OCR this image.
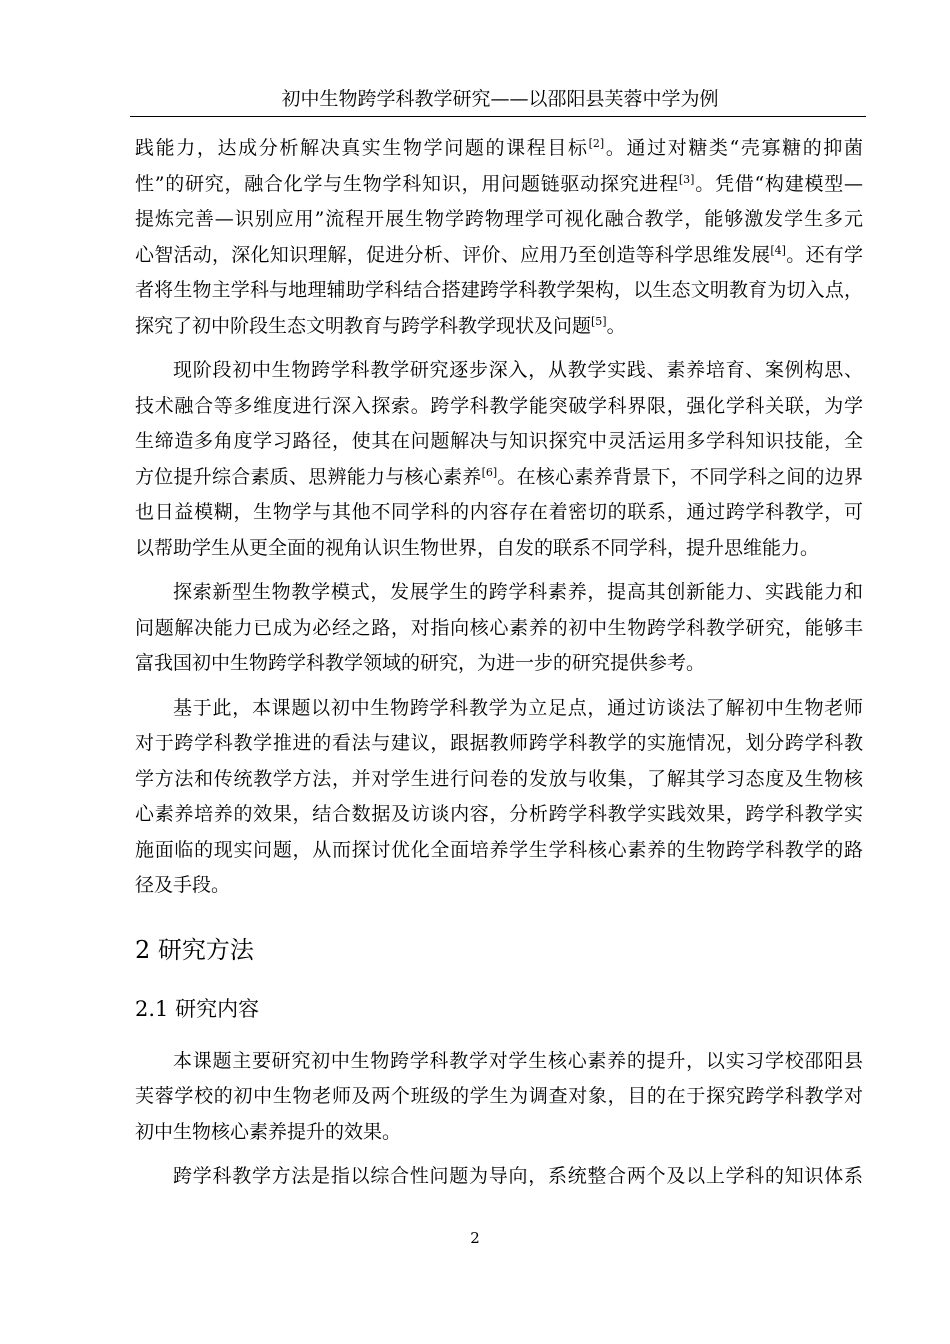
初中生物跨学科教学研究——以邵阳县芙蓉中学为例

践能力，达成分析解决真实生物学问题的课程目标[2]。通过对糖类“壳寡糖的抑菌
性”的研究，融合化学与生物学科知识，用问题链驱动探究进程[3]。凭借“构建模型—
提炼完善—识别应用”流程开展生物学跨物理学可视化融合教学，能够激发学生多元
心智活动，深化知识理解，促进分析、评价、应用乃至创造等科学思维发展[4]。还有学
者将生物主学科与地理辅助学科结合搭建跨学科教学架构，以生态文明教育为切入点，
探究了初中阶段生态文明教育与跨学科教学现状及问题[5]。

现阶段初中生物跨学科教学研究逐步深入，从教学实践、素养培育、案例构思、
技术融合等多维度进行深入探索。跨学科教学能突破学科界限，强化学科关联，为学
生缔造多角度学习路径，使其在问题解决与知识探究中灵活运用多学科知识技能，全
方位提升综合素质、思辨能力与核心素养[6]。在核心素养背景下，不同学科之间的边界
也日益模糊，生物学与其他不同学科的内容存在着密切的联系，通过跨学科教学，可
以帮助学生从更全面的视角认识生物世界，自发的联系不同学科，提升思维能力。

探索新型生物教学模式，发展学生的跨学科素养，提高其创新能力、实践能力和
问题解决能力已成为必经之路，对指向核心素养的初中生物跨学科教学研究，能够丰
富我国初中生物跨学科教学领域的研究，为进一步的研究提供参考。

基于此，本课题以初中生物跨学科教学为立足点，通过访谈法了解初中生物老师
对于跨学科教学推进的看法与建议，跟据教师跨学科教学的实施情况，划分跨学科教
学方法和传统教学方法，并对学生进行问卷的发放与收集，了解其学习态度及生物核
心素养培养的效果，结合数据及访谈内容，分析跨学科教学实践效果，跨学科教学实
施面临的现实问题，从而探讨优化全面培养学生学科核心素养的生物跨学科教学的路
径及手段。

2 研究方法
2.1 研究内容

本课题主要研究初中生物跨学科教学对学生核心素养的提升，以实习学校邵阳县
芙蓉学校的初中生物老师及两个班级的学生为调查对象，目的在于探究跨学科教学对
初中生物核心素养提升的效果。

跨学科教学方法是指以综合性问题为导向，系统整合两个及以上学科的知识体系

2
